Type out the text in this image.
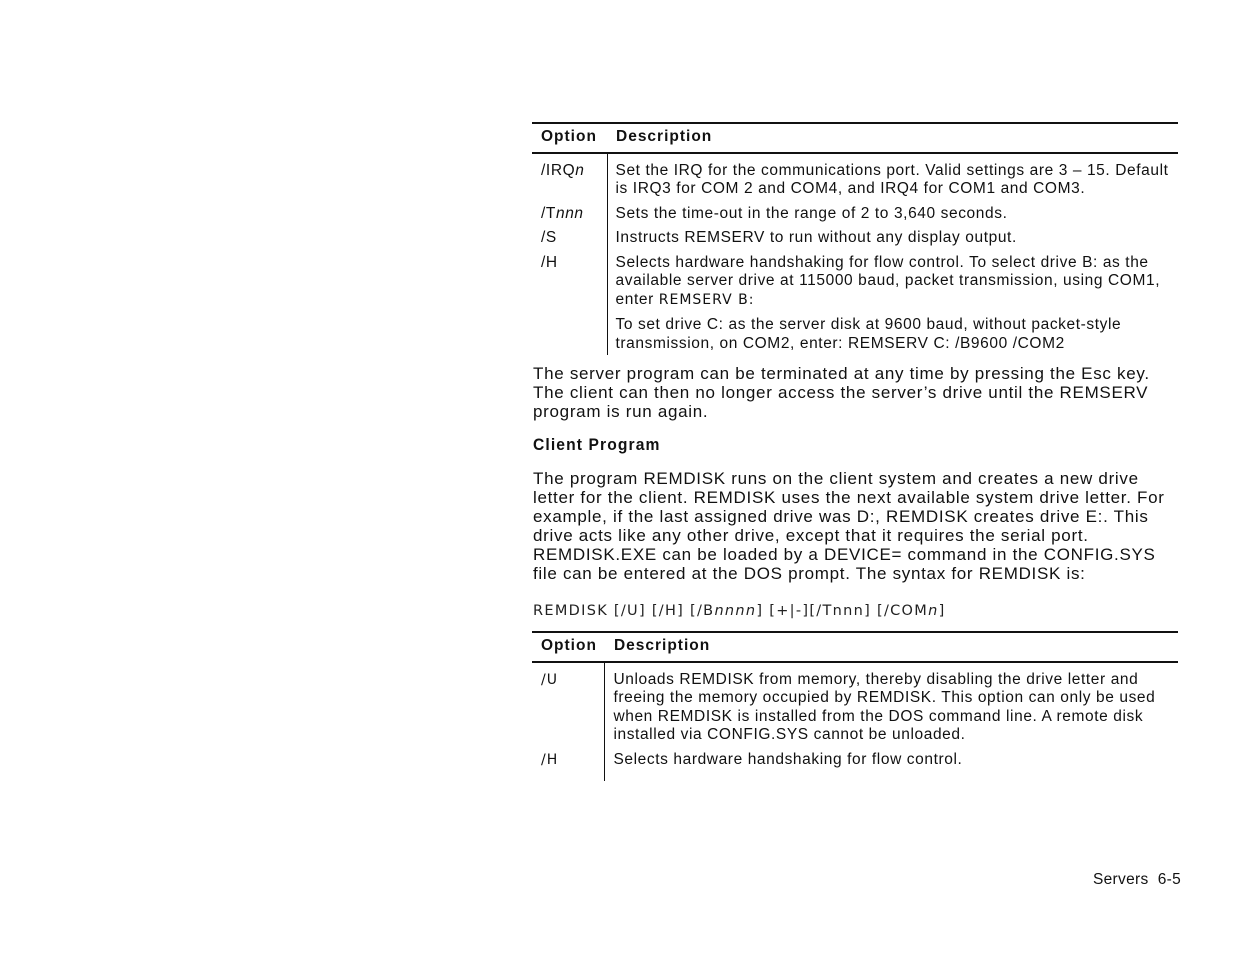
Option	Description
/IRQn	Set the IRQ for the communications port. Valid settings are 3 – 15. Default is IRQ3 for COM 2 and COM4, and IRQ4 for COM1 and COM3.

/Tnnn	Sets the time-out in the range of 2 to 3,640 seconds.

/S	Instructs REMSERV to run without any display output.

/H	Selects hardware handshaking for flow control. To select drive B: as the available server drive at 115000 baud, packet transmission, using COM1, enter REMSERV B:

To set drive C: as the server disk at 9600 baud, without packet-style transmission, on COM2, enter: REMSERV C: /B9600 /COM2

The server program can be terminated at any time by pressing the Esc key. The client can then no longer access the server’s drive until the REMSERV program is run again.

Client Program

The program REMDISK runs on the client system and creates a new drive letter for the client. REMDISK uses the next available system drive letter. For example, if the last assigned drive was D:, REMDISK creates drive E:. This drive acts like any other drive, except that it requires the serial port. REMDISK.EXE can be loaded by a DEVICE= command in the CONFIG.SYS file can be entered at the DOS prompt. The syntax for REMDISK is:

REMDISK [/U] [/H] [/Bnnnn] [+|-][/Tnnn] [/COMn]
Option	Description
/U	Unloads REMDISK from memory, thereby disabling the drive letter and freeing the memory occupied by REMDISK. This option can only be used when REMDISK is installed from the DOS command line. A remote disk installed via CONFIG.SYS cannot be unloaded.
/H	Selects hardware handshaking for flow control.
Servers  6-5
